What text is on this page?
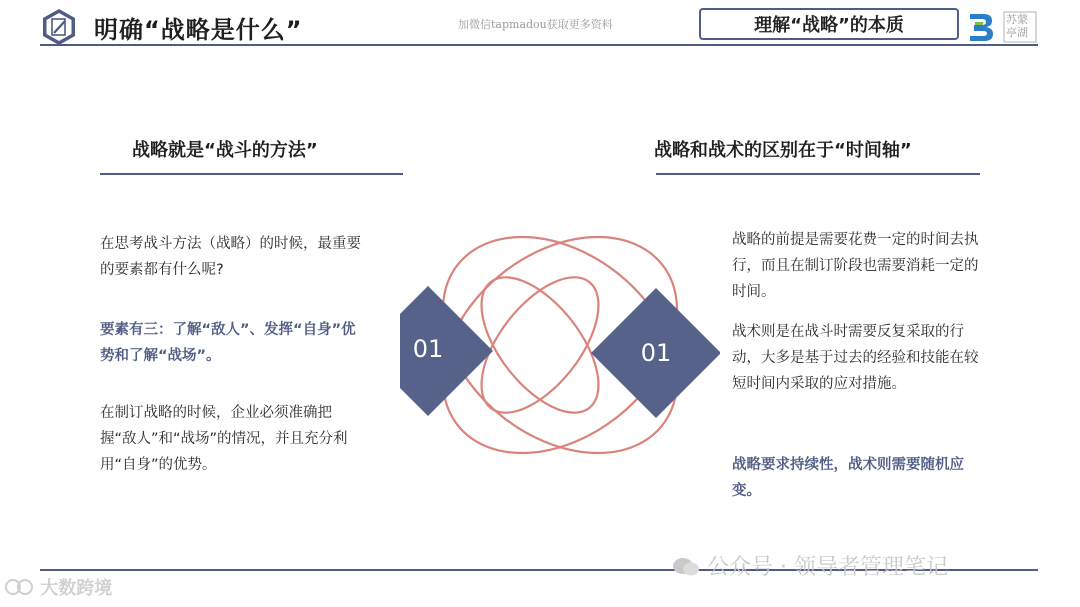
明确“战略是什么”	加微信tapmadou获取更多资料	理解“战略”的本质	苏蒙
亭湖
战略就是“战斗的方法”
在思考战斗方法（战略）的时候，最重要的要素都有什么呢?
要素有三：了解“敌人”、发挥“自身”优势和了解“战场”。
在制订战略的时候，企业必须准确把握“敌人”和“战场”的情况，并且充分利用“自身”的优势。
01	01
战略和战术的区别在于“时间轴”
战略的前提是需要花费一定的时间去执行，而且在制订阶段也需要消耗一定的时间。
战术则是在战斗时需要反复采取的行动，大多是基于过去的经验和技能在较短时间内采取的应对措施。
战略要求持续性，战术则需要随机应变。
大数跨境
公众号 · 领导者管理笔记
